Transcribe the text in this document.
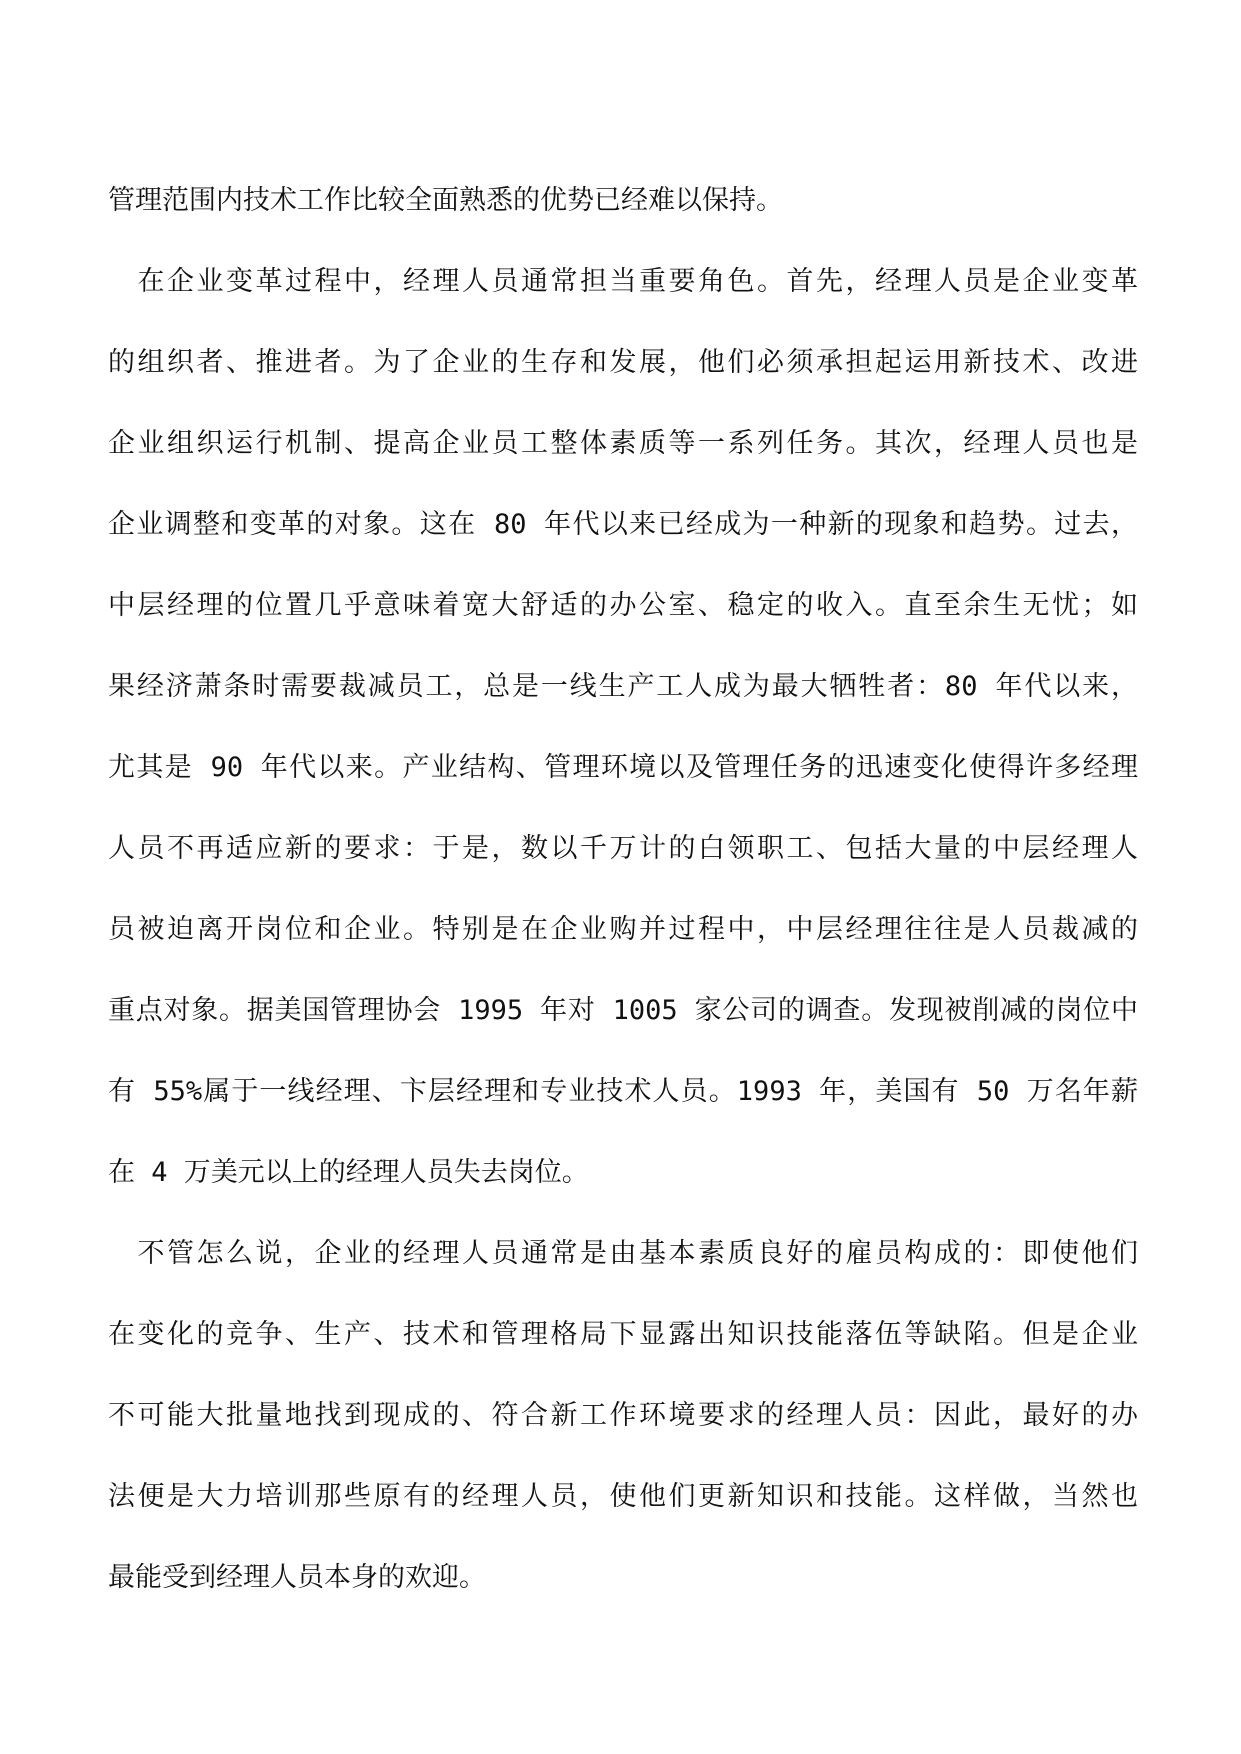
管理范围内技术工作比较全面熟悉的优势已经难以保持。
　在企业变革过程中，经理人员通常担当重要角色。首先，经理人员是企业变革
的组织者、推进者。为了企业的生存和发展，他们必须承担起运用新技术、改进
企业组织运行机制、提高企业员工整体素质等一系列任务。其次，经理人员也是
企业调整和变革的对象。这在 80 年代以来已经成为一种新的现象和趋势。过去，
中层经理的位置几乎意味着宽大舒适的办公室、稳定的收入。直至余生无忧；如
果经济萧条时需要裁减员工，总是一线生产工人成为最大牺牲者：80 年代以来，
尤其是 90 年代以来。产业结构、管理环境以及管理任务的迅速变化使得许多经理
人员不再适应新的要求：于是，数以千万计的白领职工、包括大量的中层经理人
员被迫离开岗位和企业。特别是在企业购并过程中，中层经理往往是人员裁减的
重点对象。据美国管理协会 1995 年对 1005 家公司的调查。发现被削减的岗位中
有 55%属于一线经理、卞层经理和专业技术人员。1993 年，美国有 50 万名年薪
在 4 万美元以上的经理人员失去岗位。
　不管怎么说，企业的经理人员通常是由基本素质良好的雇员构成的：即使他们
在变化的竞争、生产、技术和管理格局下显露出知识技能落伍等缺陷。但是企业
不可能大批量地找到现成的、符合新工作环境要求的经理人员：因此，最好的办
法便是大力培训那些原有的经理人员，使他们更新知识和技能。这样做，当然也
最能受到经理人员本身的欢迎。
